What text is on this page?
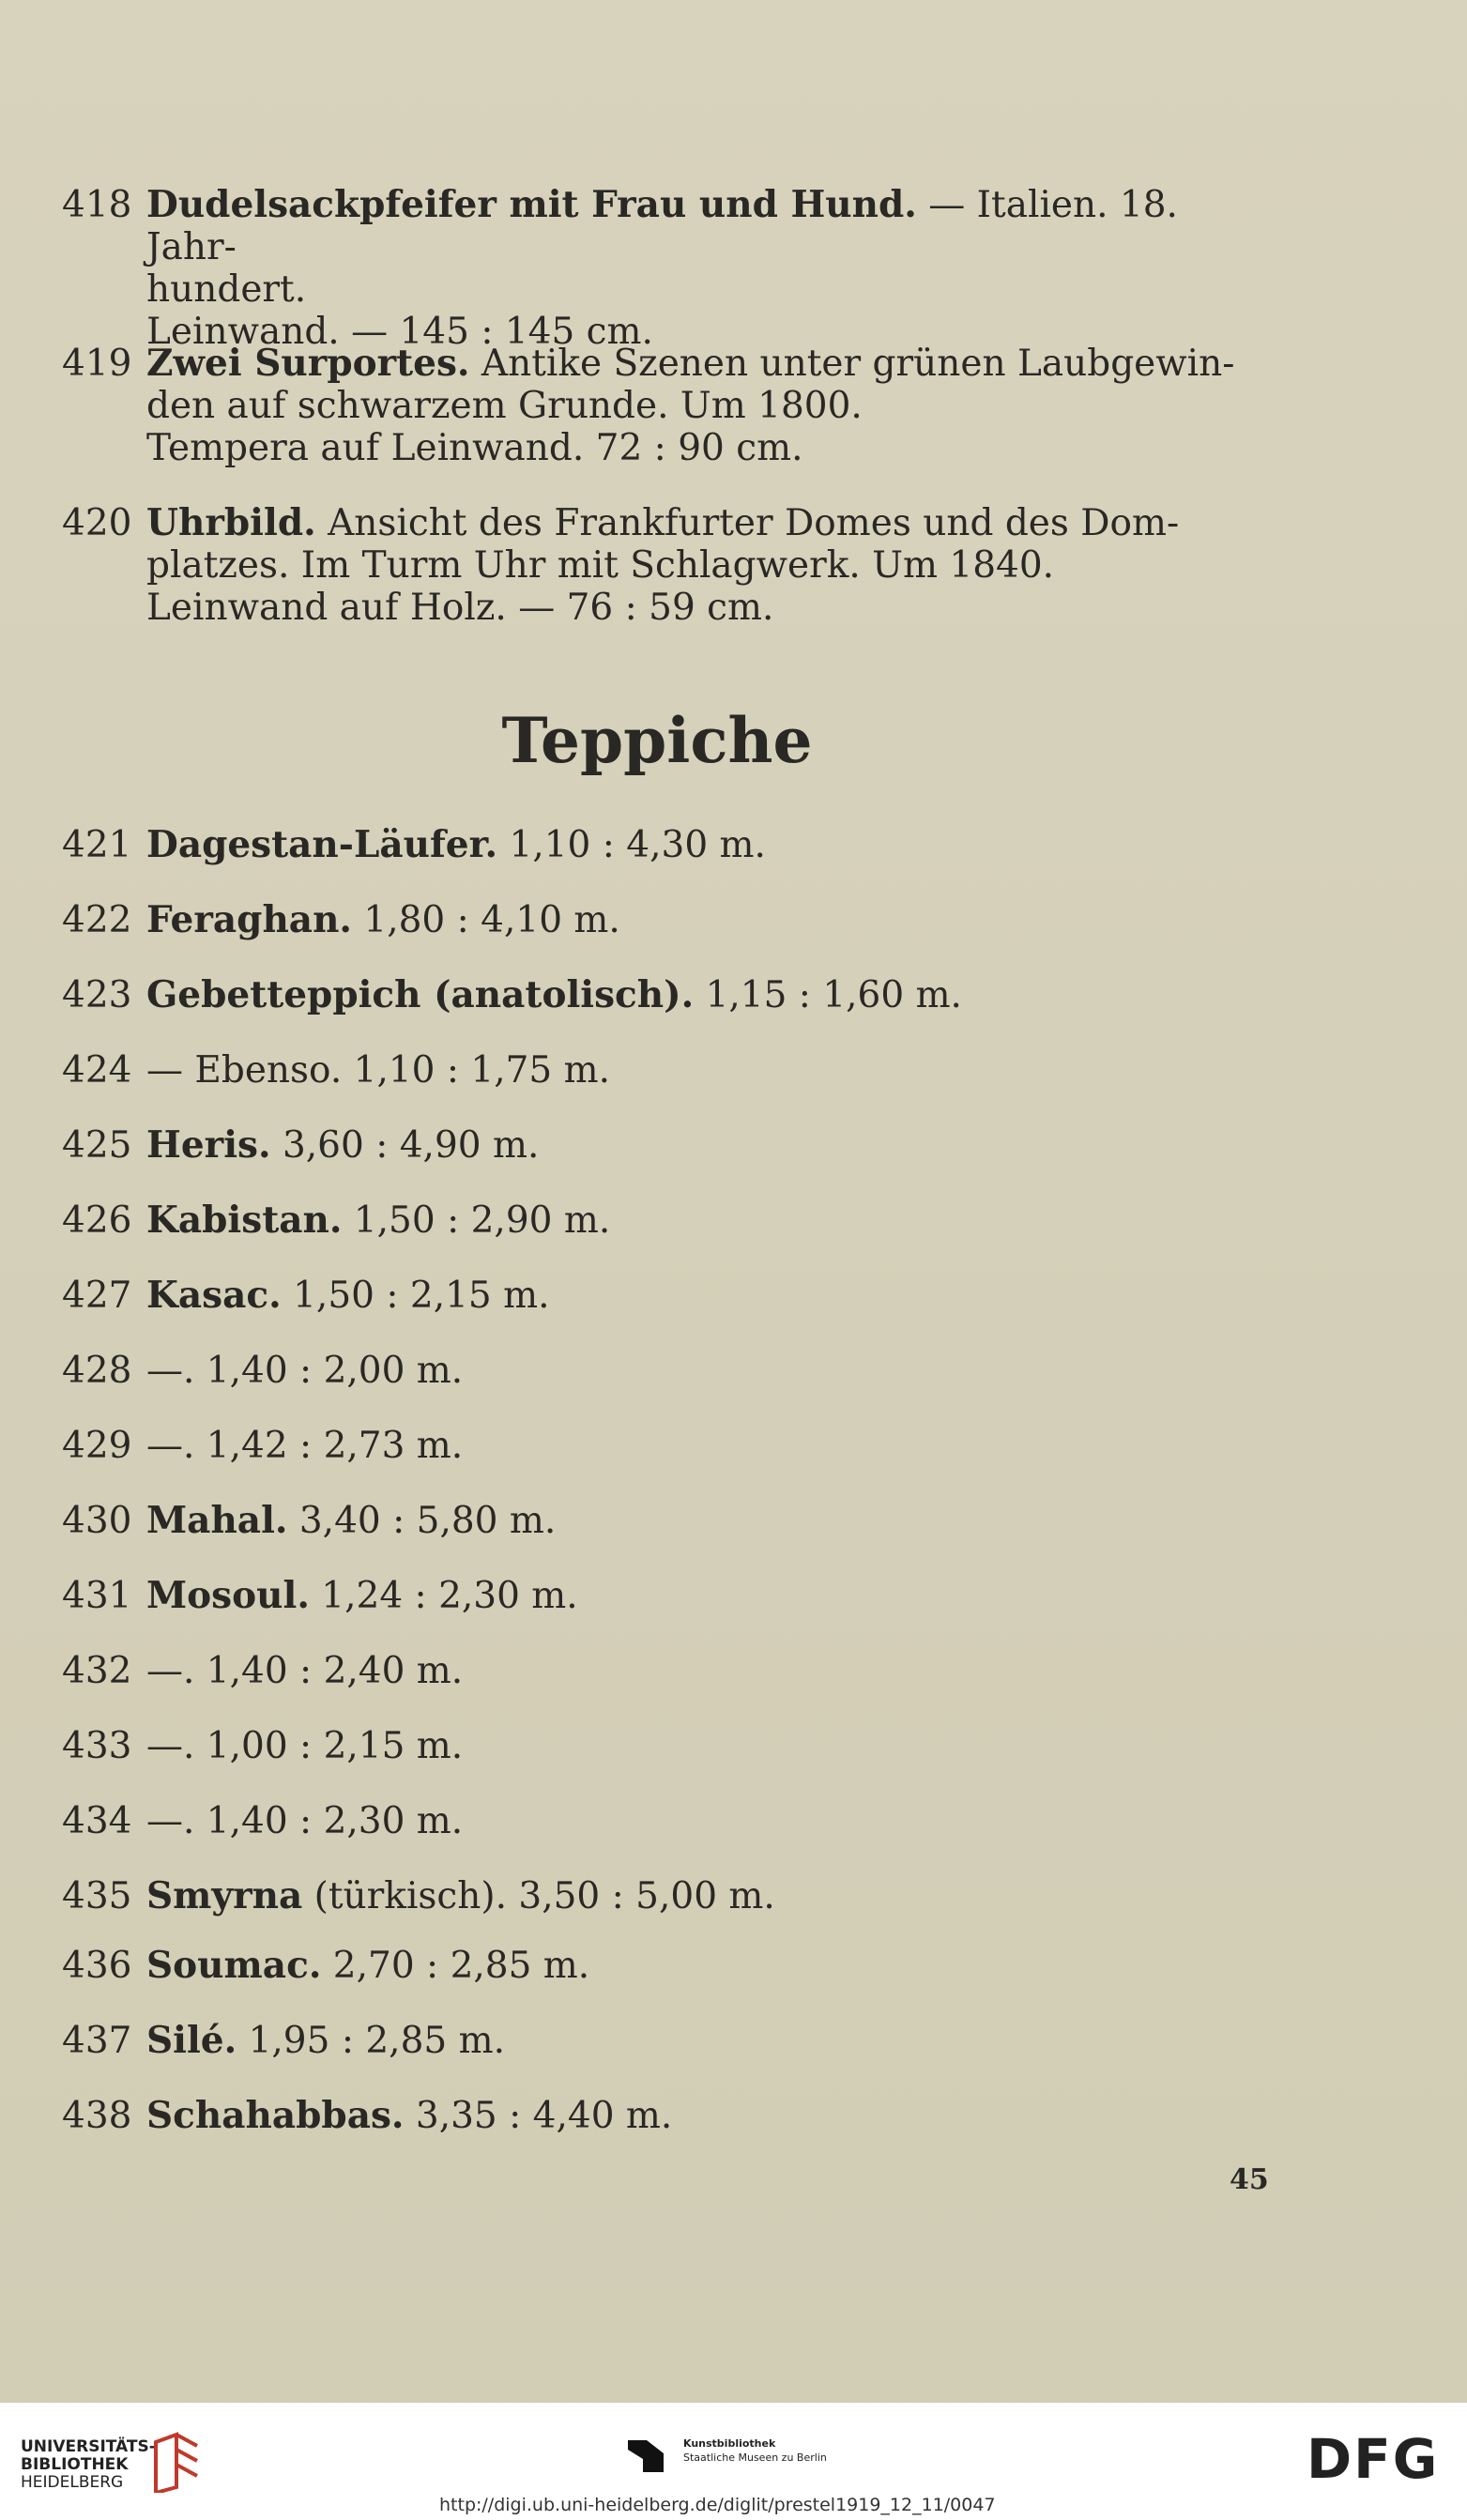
418 Dudelsackpfeifer mit Frau und Hund. — Italien. 18. Jahr-
hundert.
Leinwand. — 145 : 145 cm.
419 Zwei Surportes. Antike Szenen unter grünen Laubgewin-
den auf schwarzem Grunde. Um 1800.
Tempera auf Leinwand. 72 : 90 cm.
420 Uhrbild. Ansicht des Frankfurter Domes und des Dom-
platzes. Im Turm Uhr mit Schlagwerk. Um 1840.
Leinwand auf Holz. — 76 : 59 cm.
Teppiche
421 Dagestan-Läufer. 1,10 : 4,30 m.
422 Feraghan. 1,80 : 4,10 m.
423 Gebetteppich (anatolisch). 1,15 : 1,60 m.
424 — Ebenso. 1,10 : 1,75 m.
425 Heris. 3,60 : 4,90 m.
426 Kabistan. 1,50 : 2,90 m.
427 Kasac. 1,50 : 2,15 m.
428 —. 1,40 : 2,00 m.
429 —. 1,42 : 2,73 m.
430 Mahal. 3,40 : 5,80 m.
431 Mosoul. 1,24 : 2,30 m.
432 —. 1,40 : 2,40 m.
433 —. 1,00 : 2,15 m.
434 —. 1,40 : 2,30 m.
435 Smyrna (türkisch). 3,50 : 5,00 m.
436 Soumac. 2,70 : 2,85 m.
437 Silé. 1,95 : 2,85 m.
438 Schahabbas. 3,35 : 4,40 m.
45
UNIVERSITÄTS-
BIBLIOTHEK
HEIDELBERG
Kunstbibliothek
Staatliche Museen zu Berlin	DFG
http://digi.ub.uni-heidelberg.de/diglit/prestel1919_12_11/0047
